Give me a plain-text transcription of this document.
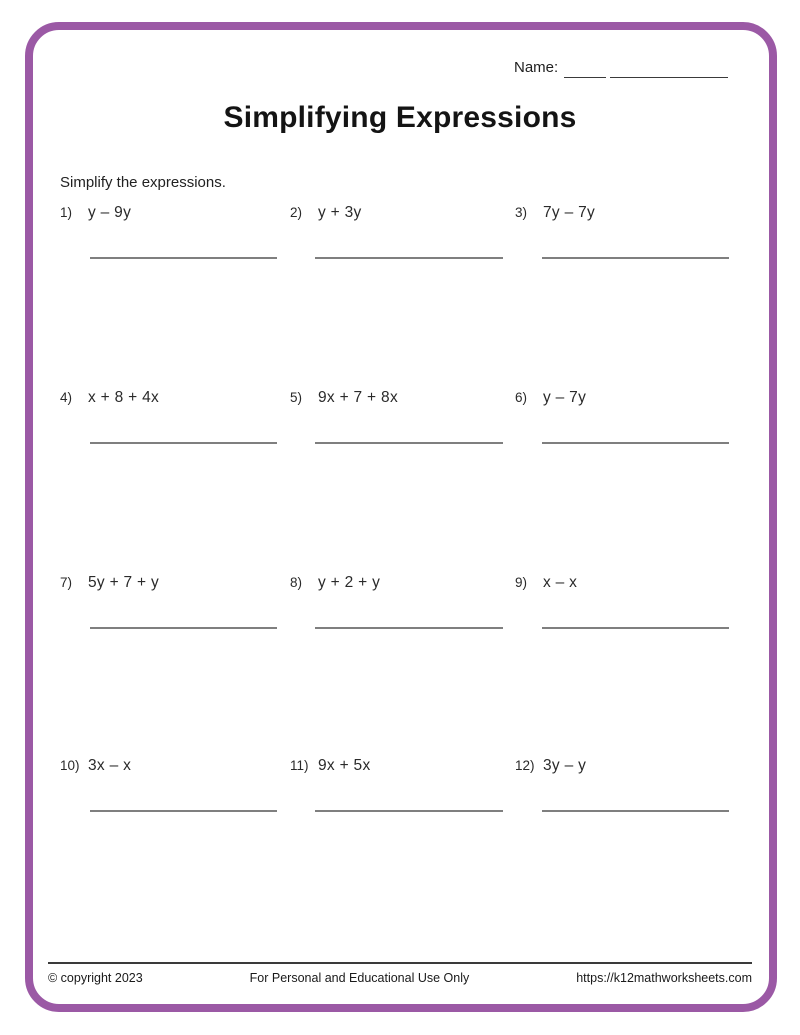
Name:
Simplifying Expressions
Simplify the expressions.
1)	y – 9y	2)	y + 3y	3)	7y – 7y
4)	x + 8 + 4x	5)	9x + 7 + 8x	6)	y – 7y
7)	5y + 7 + y	8)	y + 2 + y	9)	x – x
10) 3x – x	11) 9x + 5x	12) 3y – y
© copyright 2023	For Personal and Educational Use Only	https://k12mathworksheets.com
